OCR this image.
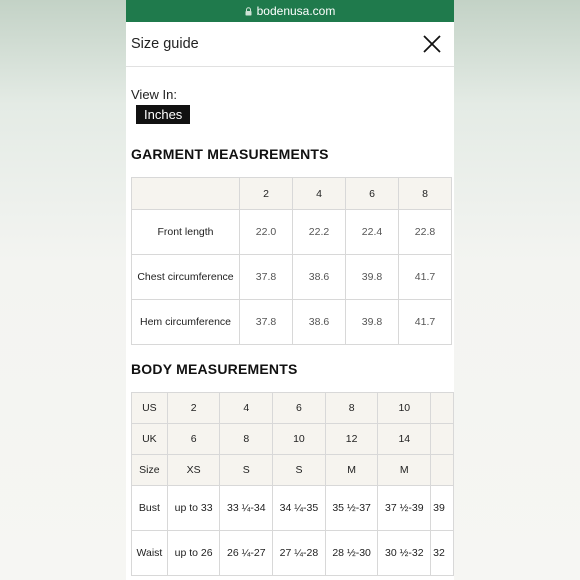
bodenusa.com
Size guide
View In:
Inches
GARMENT MEASUREMENTS
	2	4	6	8
Front length	22.0	22.2	22.4	22.8
Chest circumference	37.8	38.6	39.8	41.7
Hem circumference	37.8	38.6	39.8	41.7
BODY MEASUREMENTS
US	2	4	6	8	10	
UK	6	8	10	12	14	
Size	XS	S	S	M	M	
Bust	up to 33	33 ¼-34	34 ¼-35	35 ½-37	37 ½-39	39
Waist	up to 26	26 ¼-27	27 ¼-28	28 ½-30	30 ½-32	32
